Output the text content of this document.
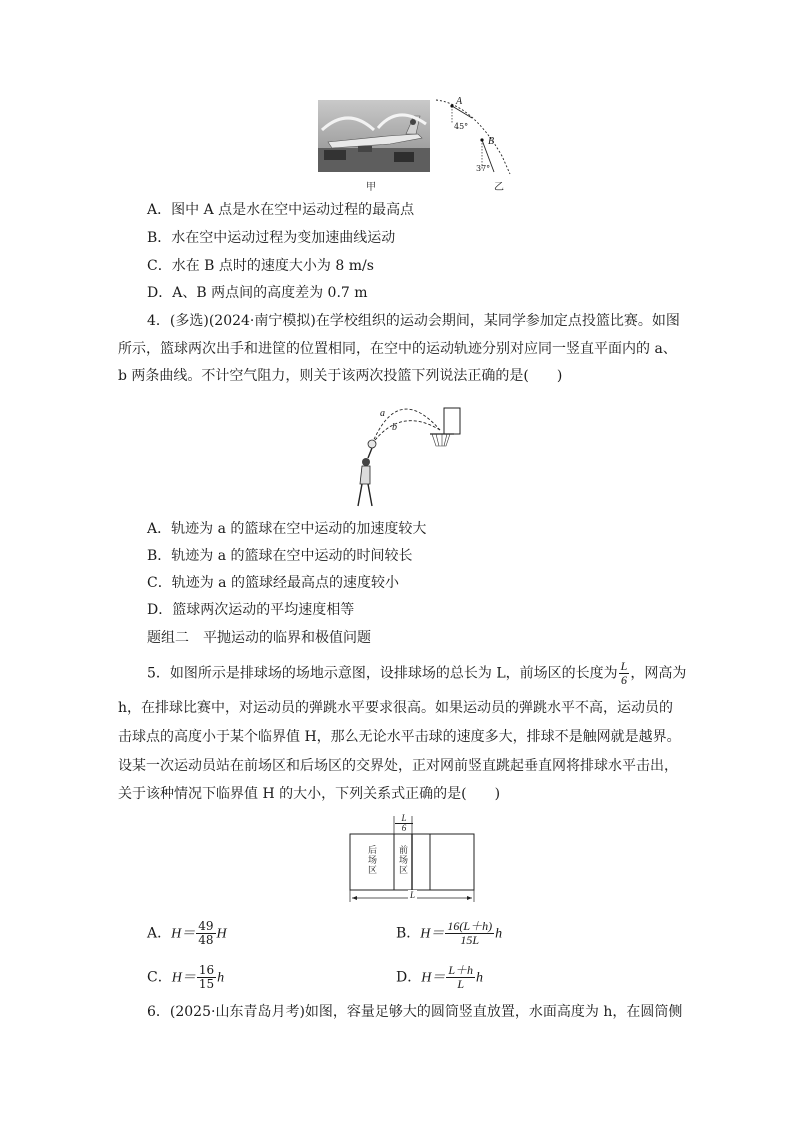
甲
A
45°
B
37°
乙
A．图中 A 点是水在空中运动过程的最高点
B．水在空中运动过程为变加速曲线运动
C．水在 B 点时的速度大小为 8 m/s
D．A、B 两点间的高度差为 0.7 m
4．(多选)(2024·南宁模拟)在学校组织的运动会期间，某同学参加定点投篮比赛。如图
所示，篮球两次出手和进筐的位置相同，在空中的运动轨迹分别对应同一竖直平面内的 a、
b 两条曲线。不计空气阻力，则关于该两次投篮下列说法正确的是(　　)
a
b
A．轨迹为 a 的篮球在空中运动的加速度较大
B．轨迹为 a 的篮球在空中运动的时间较长
C．轨迹为 a 的篮球经最高点的速度较小
D．篮球两次运动的平均速度相等
题组二　平抛运动的临界和极值问题
5．如图所示是排球场的场地示意图，设排球场的总长为 L，前场区的长度为 $\frac{L}{6}$ ，网高为
h，在排球比赛中，对运动员的弹跳水平要求很高。如果运动员的弹跳水平不高，运动员的
击球点的高度小于某个临界值 H，那么无论水平击球的速度多大，排球不是触网就是越界。
设某一次运动员站在前场区和后场区的交界处，正对网前竖直跳起垂直网将排球水平击出，
关于该种情况下临界值 H 的大小，下列关系式正确的是(　　)
$\frac{L}{6}$
后场区
前场区
L
A．$H= \frac{49}{48}$ H	B．$H= \frac{16(L+h)}{15L}$ h
C．$H= \frac{16}{15}$ h	D．$H= \frac{L+h}{L}$ h
6．(2025·山东青岛月考)如图，容量足够大的圆筒竖直放置，水面高度为 h，在圆筒侧
